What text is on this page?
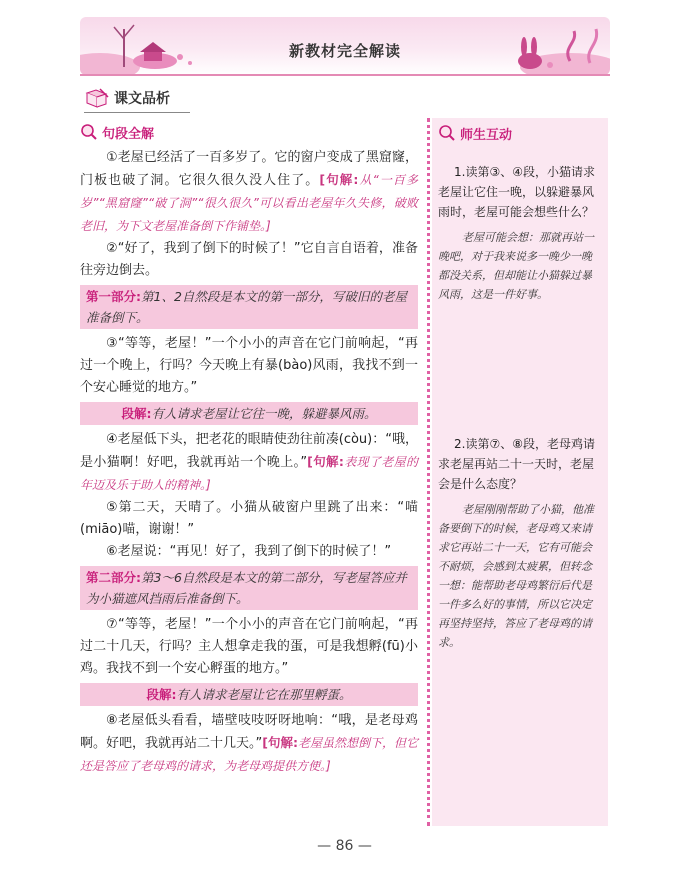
新教材完全解读
课文品析
句段全解

①老屋已经活了一百多岁了。它的窗户变成了黑窟窿，门板也破了洞。它很久很久没人住了。[句解:从“一百多岁”“黑窟窿”“破了洞”“很久很久”可以看出老屋年久失修，破败老旧，为下文老屋准备倒下作铺垫。]

②“好了，我到了倒下的时候了！”它自言自语着，准备往旁边倒去。

第一部分:第1、2自然段是本文的第一部分，写破旧的老屋准备倒下。

③“等等，老屋！”一个小小的声音在它门前响起，“再过一个晚上，行吗？今天晚上有暴(bào)风雨，我找不到一个安心睡觉的地方。”

段解:有人请求老屋让它往一晚，躲避暴风雨。

④老屋低下头，把老花的眼睛使劲往前凑(còu)：“哦，是小猫啊！好吧，我就再站一个晚上。”[句解:表现了老屋的年迈及乐于助人的精神。]

⑤第二天，天晴了。小猫从破窗户里跳了出来：“喵(miāo)喵，谢谢！”

⑥老屋说：“再见！好了，我到了倒下的时候了！”

第二部分:第3～6自然段是本文的第二部分，写老屋答应并为小猫遮风挡雨后准备倒下。

⑦“等等，老屋！”一个小小的声音在它门前响起，“再过二十几天，行吗？主人想拿走我的蛋，可是我想孵(fū)小鸡。我找不到一个安心孵蛋的地方。”

段解:有人请求老屋让它在那里孵蛋。

⑧老屋低头看看，墙壁吱吱呀呀地响：“哦，是老母鸡啊。好吧，我就再站二十几天。”[句解:老屋虽然想倒下，但它还是答应了老母鸡的请求，为老母鸡提供方便。]

师生互动

1.读第③、④段，小猫请求老屋让它住一晚，以躲避暴风雨时，老屋可能会想些什么？

老屋可能会想：那就再站一晚吧，对于我来说多一晚少一晚都没关系，但却能让小猫躲过暴风雨，这是一件好事。

2.读第⑦、⑧段，老母鸡请求老屋再站二十一天时，老屋会是什么态度？

老屋刚刚帮助了小猫，他准备要倒下的时候，老母鸡又来请求它再站二十一天，它有可能会不耐烦，会感到太疲累，但转念一想：能帮助老母鸡繁衍后代是一件多么好的事情，所以它决定再坚持坚持，答应了老母鸡的请求。

— 86 —
